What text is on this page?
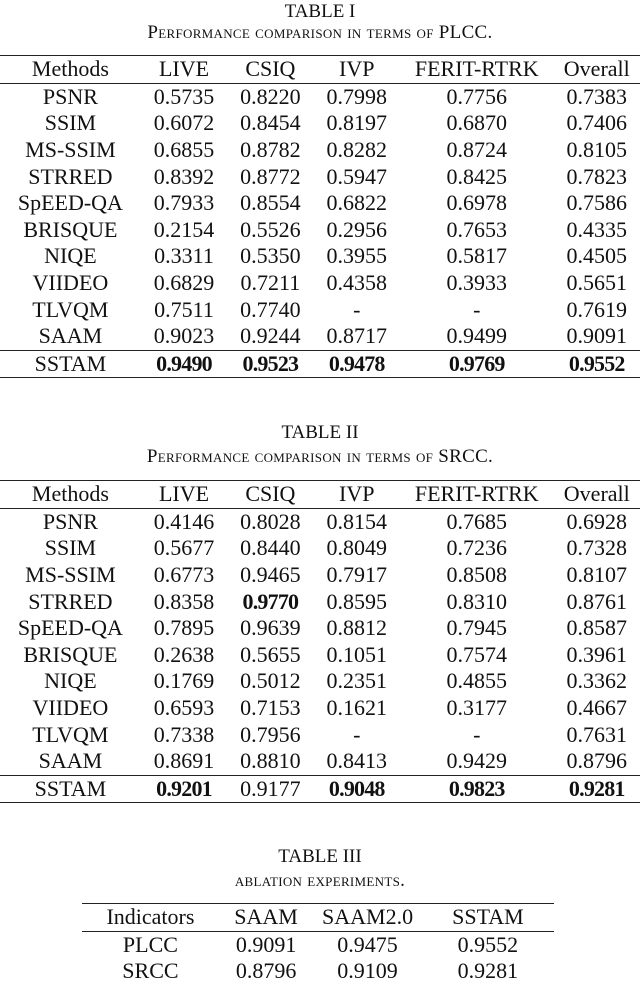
TABLE I
Performance comparison in terms of PLCC.
Methods	LIVE	CSIQ	IVP	FERIT-RTRK	Overall
PSNR	0.5735	0.8220	0.7998	0.7756	0.7383
SSIM	0.6072	0.8454	0.8197	0.6870	0.7406
MS-SSIM	0.6855	0.8782	0.8282	0.8724	0.8105
STRRED	0.8392	0.8772	0.5947	0.8425	0.7823
SpEED-QA	0.7933	0.8554	0.6822	0.6978	0.7586
BRISQUE	0.2154	0.5526	0.2956	0.7653	0.4335
NIQE	0.3311	0.5350	0.3955	0.5817	0.4505
VIIDEO	0.6829	0.7211	0.4358	0.3933	0.5651
TLVQM	0.7511	0.7740	-	-	0.7619
SAAM	0.9023	0.9244	0.8717	0.9499	0.9091
SSTAM	0.9490	0.9523	0.9478	0.9769	0.9552
TABLE II
Performance comparison in terms of SRCC.
Methods	LIVE	CSIQ	IVP	FERIT-RTRK	Overall
PSNR	0.4146	0.8028	0.8154	0.7685	0.6928
SSIM	0.5677	0.8440	0.8049	0.7236	0.7328
MS-SSIM	0.6773	0.9465	0.7917	0.8508	0.8107
STRRED	0.8358	0.9770	0.8595	0.8310	0.8761
SpEED-QA	0.7895	0.9639	0.8812	0.7945	0.8587
BRISQUE	0.2638	0.5655	0.1051	0.7574	0.3961
NIQE	0.1769	0.5012	0.2351	0.4855	0.3362
VIIDEO	0.6593	0.7153	0.1621	0.3177	0.4667
TLVQM	0.7338	0.7956	-	-	0.7631
SAAM	0.8691	0.8810	0.8413	0.9429	0.8796
SSTAM	0.9201	0.9177	0.9048	0.9823	0.9281
TABLE III
ablation experiments.
Indicators	SAAM	SAAM2.0	SSTAM
PLCC	0.9091	0.9475	0.9552
SRCC	0.8796	0.9109	0.9281
